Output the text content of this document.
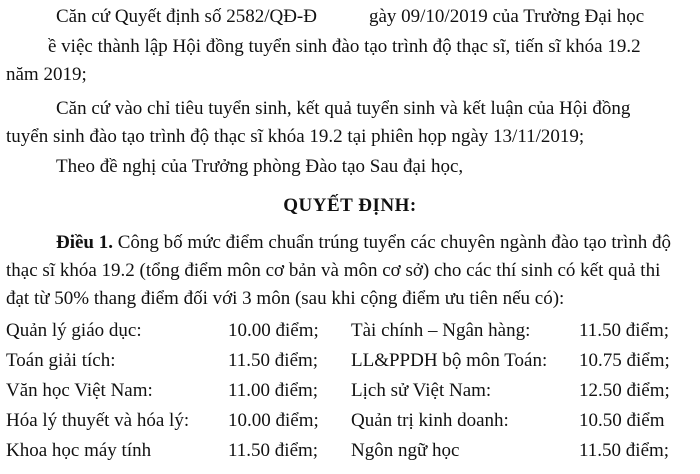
Căn cứ Quyết định số 2582/QĐ-Đ	gày 09/10/2019 của Trường Đại học
ề việc thành lập Hội đồng tuyển sinh đào tạo trình độ thạc sĩ, tiến sĩ khóa 19.2
năm 2019;
Căn cứ vào chỉ tiêu tuyển sinh, kết quả tuyển sinh và kết luận của Hội đồng
tuyển sinh đào tạo trình độ thạc sĩ khóa 19.2 tại phiên họp ngày 13/11/2019;
Theo đề nghị của Trưởng phòng Đào tạo Sau đại học,
QUYẾT ĐỊNH:
Điều 1. Công bố mức điểm chuẩn trúng tuyển các chuyên ngành đào tạo trình độ
thạc sĩ khóa 19.2 (tổng điểm môn cơ bản và môn cơ sở) cho các thí sinh có kết quả thi
đạt từ 50% thang điểm đối với 3 môn (sau khi cộng điểm ưu tiên nếu có):
Quản lý giáo dục:	10.00 điểm; Tài chính – Ngân hàng:	11.50 điểm;
Toán giải tích:	11.50 điểm; LL&PPDH bộ môn Toán: 10.75 điểm;
Văn học Việt Nam:	11.00 điểm; Lịch sử Việt Nam:	12.50 điểm;
Hóa lý thuyết và hóa lý: 10.00 điểm; Quản trị kinh doanh:	10.50 điểm
Khoa học máy tính	11.50 điểm; Ngôn ngữ học	11.50 điểm;
